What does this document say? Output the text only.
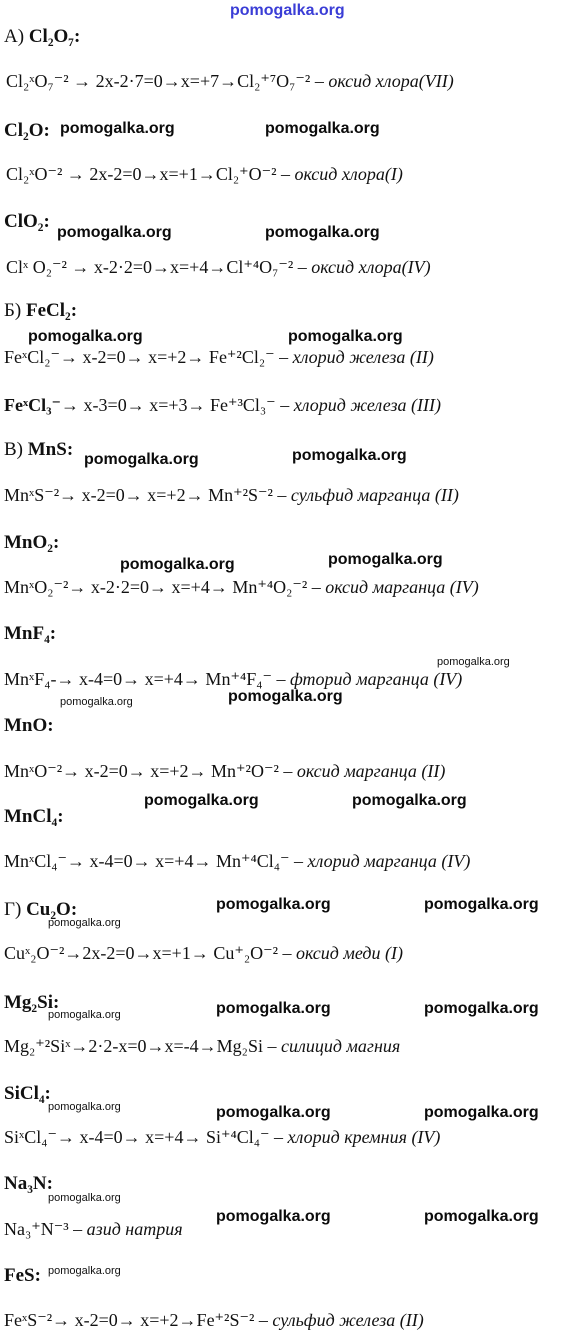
pomogalka.org
А) Cl₂O₇:
Cl₂ˣO₇⁻² → 2x-2·7=0→x=+7→Cl₂⁺⁷O₇⁻² – оксид хлора(VII)
Cl₂O: pomogalka.org	pomogalka.org
Cl₂ˣO⁻² → 2x-2=0→x=+1→Cl₂⁺O⁻² – оксид хлора(I)
ClO₂:
pomogalka.org	pomogalka.org
Clˣ O₂⁻² → x-2·2=0→x=+4→Cl⁺⁴O₇⁻² – оксид хлора(IV)
Б) FeCl₂:
pomogalka.org	pomogalka.org
FeˣCl₂⁻→ x-2=0→ x=+2→ Fe⁺²Cl₂⁻ – хлорид железа (II)
FeˣCl₃⁻→ x-3=0→ x=+3→ Fe⁺³Cl₃⁻ – хлорид железа (III)
В) MnS: pomogalka.org	pomogalka.org
MnˣS⁻²→ x-2=0→ x=+2→ Mn⁺²S⁻² – сульфид марганца (II)
MnO₂:
pomogalka.org	pomogalka.org
MnˣO₂⁻²→ x-2·2=0→ x=+4→ Mn⁺⁴O₂⁻² – оксид марганца (IV)
MnF₄:
pomogalka.org
MnˣF₄-→ x-4=0→ x=+4→ Mn⁺⁴F₄⁻ – фторид марганца (IV)
pomogalka.org
pomogalka.org
MnO:
MnˣO⁻²→ x-2=0→ x=+2→ Mn⁺²O⁻² – оксид марганца (II)
pomogalka.org	pomogalka.org
MnCl₄:
MnˣCl₄⁻→ x-4=0→ x=+4→ Mn⁺⁴Cl₄⁻ – хлорид марганца (IV)
Г) Cu₂O:	pomogalka.org	pomogalka.org
pomogalka.org
Cuˣ₂O⁻²→2x-2=0→x=+1→ Cu⁺₂O⁻² – оксид меди (I)
Mg₂Si:	pomogalka.org	pomogalka.org
pomogalka.org
Mg₂⁺²Siˣ→2·2-x=0→x=-4→Mg₂Si – силицид магния
SiCl₄:
pomogalka.org	pomogalka.org	pomogalka.org
SiˣCl₄⁻→ x-4=0→ x=+4→ Si⁺⁴Cl₄⁻ – хлорид кремния (IV)
Na₃N:
pomogalka.org
Na₃⁺N⁻³ – азид натрия
pomogalka.org	pomogalka.org
FeS: pomogalka.org
FeˣS⁻²→ x-2=0→ x=+2→Fe⁺²S⁻² – сульфид железа (II)
